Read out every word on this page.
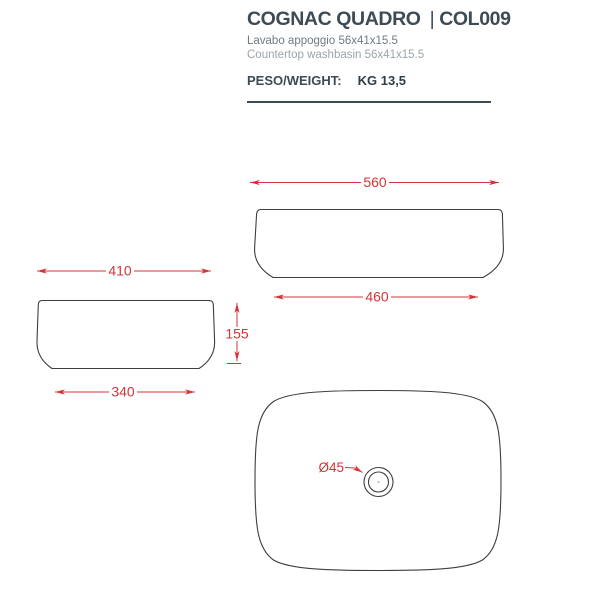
COGNAC QUADRO | COL009
Lavabo appoggio 56x41x15.5
Countertop washbasin 56x41x15.5
PESO/WEIGHT: KG 13,5
560
460
410
155
340
Ø45
